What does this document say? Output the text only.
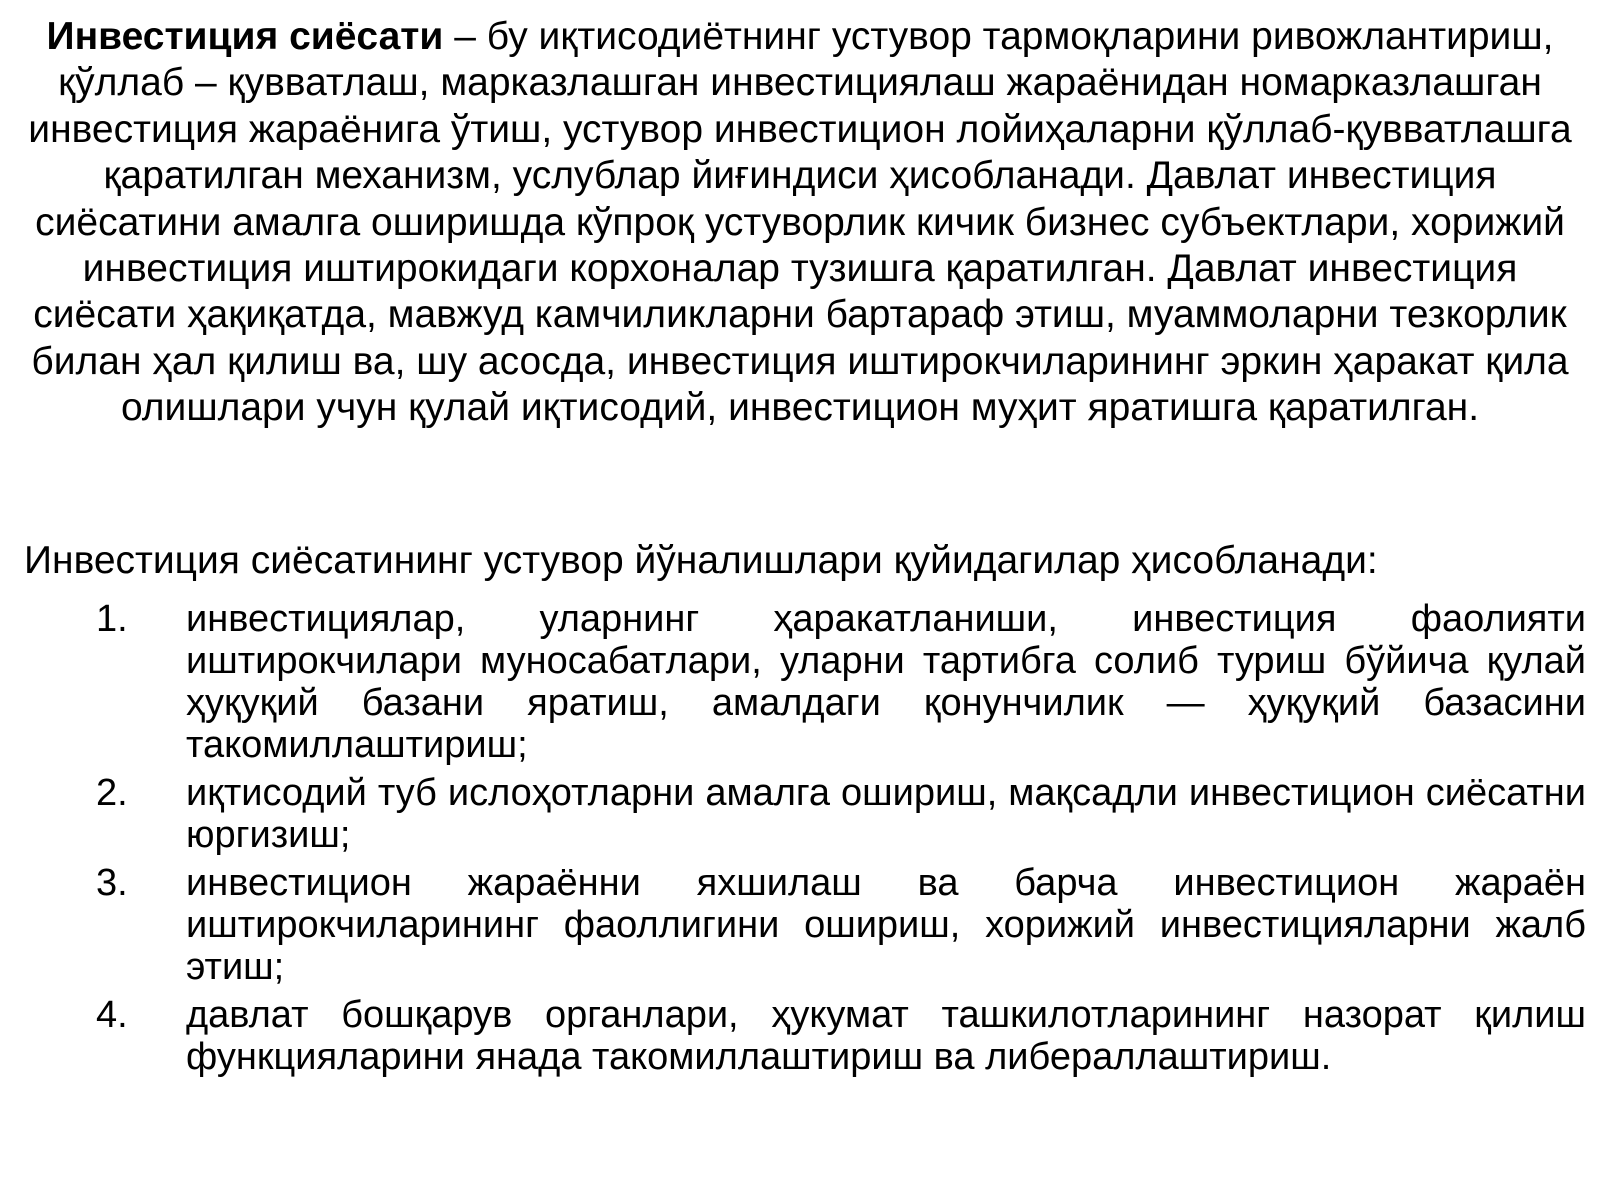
Инвестиция сиёсати – бу иқтисодиётнинг устувор тармоқларини ривожлантириш, қўллаб – қувватлаш, марказлашган инвестициялаш жараёнидан номарказлашган инвестиция жараёнига ўтиш, устувор инвестицион лойиҳаларни қўллаб-қувватлашга қаратилган механизм, услублар йиғиндиси ҳисобланади. Давлат инвестиция сиёсатини амалга оширишда кўпроқ устуворлик кичик бизнес субъектлари, хорижий инвестиция иштирокидаги корхоналар тузишга қаратилган. Давлат инвестиция сиёсати ҳақиқатда, мавжуд камчиликларни бартараф этиш, муаммоларни тезкорлик билан ҳал қилиш ва, шу асосда, инвестиция иштирокчиларининг эркин ҳаракат қила олишлари учун қулай иқтисодий, инвестицион муҳит яратишга қаратилган.

Инвестиция сиёсатининг устувор йўналишлари қуйидагилар ҳисобланади:

1.	инвестициялар, уларнинг ҳаракатланиши, инвестиция фаолияти иштирокчилари муносабатлари, уларни тартибга солиб туриш бўйича қулай ҳуқуқий базани яратиш, амалдаги қонунчилик — ҳуқуқий базасини такомиллаштириш;
2.	иқтисодий туб ислоҳотларни амалга ошириш, мақсадли инвестицион сиёсатни юргизиш;
3.	инвестицион жараённи яхшилаш ва барча инвестицион жараён иштирокчиларининг фаоллигини ошириш, хорижий инвестицияларни жалб этиш;
4.	давлат бошқарув органлари, ҳукумат ташкилотларининг назорат қилиш функцияларини янада такомиллаштириш ва либераллаштириш.
